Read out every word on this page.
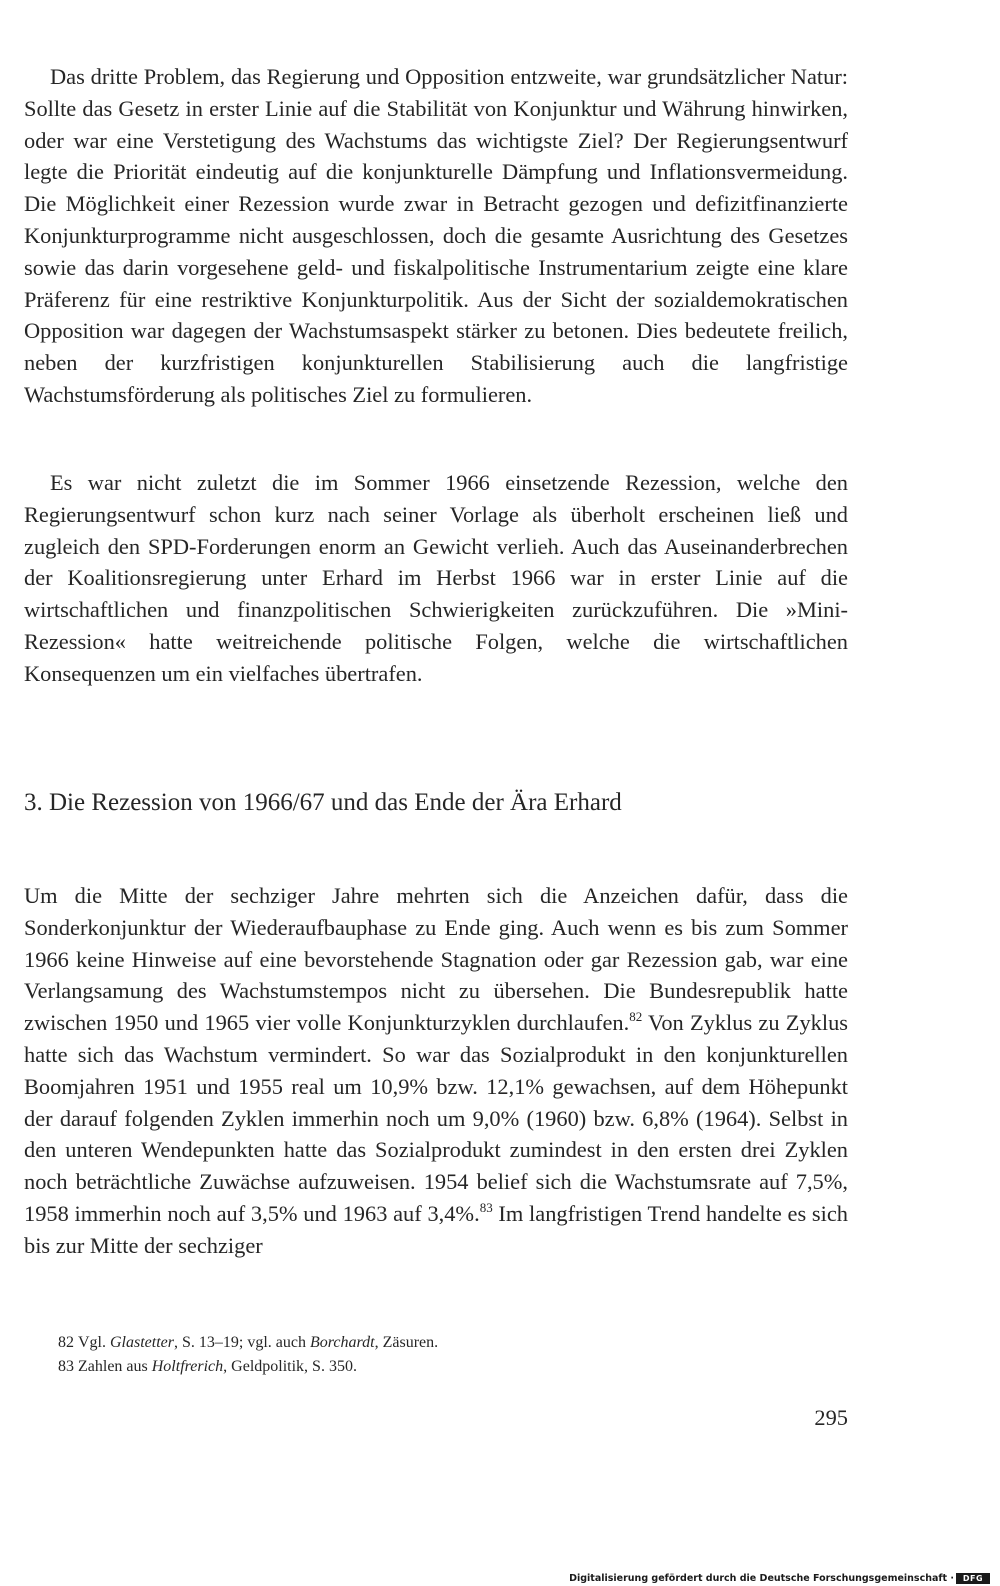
Das dritte Problem, das Regierung und Opposition entzweite, war grundsätzlicher Natur: Sollte das Gesetz in erster Linie auf die Stabilität von Konjunktur und Währung hinwirken, oder war eine Verstetigung des Wachstums das wichtigste Ziel? Der Regierungsentwurf legte die Priorität eindeutig auf die konjunkturelle Dämpfung und Inflationsvermeidung. Die Möglichkeit einer Rezession wurde zwar in Betracht gezogen und defizitfinanzierte Konjunkturprogramme nicht ausgeschlossen, doch die gesamte Ausrichtung des Gesetzes sowie das darin vorgesehene geld- und fiskalpolitische Instrumentarium zeigte eine klare Präferenz für eine restriktive Konjunkturpolitik. Aus der Sicht der sozialdemokratischen Opposition war dagegen der Wachstumsaspekt stärker zu betonen. Dies bedeutete freilich, neben der kurzfristigen konjunkturellen Stabilisierung auch die langfristige Wachstumsförderung als politisches Ziel zu formulieren.

Es war nicht zuletzt die im Sommer 1966 einsetzende Rezession, welche den Regierungsentwurf schon kurz nach seiner Vorlage als überholt erscheinen ließ und zugleich den SPD-Forderungen enorm an Gewicht verlieh. Auch das Auseinanderbrechen der Koalitionsregierung unter Erhard im Herbst 1966 war in erster Linie auf die wirtschaftlichen und finanzpolitischen Schwierigkeiten zurückzuführen. Die »Mini-Rezession« hatte weitreichende politische Folgen, welche die wirtschaftlichen Konsequenzen um ein vielfaches übertrafen.

3. Die Rezession von 1966/67 und das Ende der Ära Erhard

Um die Mitte der sechziger Jahre mehrten sich die Anzeichen dafür, dass die Sonderkonjunktur der Wiederaufbauphase zu Ende ging. Auch wenn es bis zum Sommer 1966 keine Hinweise auf eine bevorstehende Stagnation oder gar Rezession gab, war eine Verlangsamung des Wachstumstempos nicht zu übersehen. Die Bundesrepublik hatte zwischen 1950 und 1965 vier volle Konjunkturzyklen durchlaufen.$^{82}$ Von Zyklus zu Zyklus hatte sich das Wachstum vermindert. So war das Sozialprodukt in den konjunkturellen Boomjahren 1951 und 1955 real um 10,9% bzw. 12,1% gewachsen, auf dem Höhepunkt der darauf folgenden Zyklen immerhin noch um 9,0% (1960) bzw. 6,8% (1964). Selbst in den unteren Wendepunkten hatte das Sozialprodukt zumindest in den ersten drei Zyklen noch beträchtliche Zuwächse aufzuweisen. 1954 belief sich die Wachstumsrate auf 7,5%, 1958 immerhin noch auf 3,5% und 1963 auf 3,4%.$^{83}$ Im langfristigen Trend handelte es sich bis zur Mitte der sechziger

82 Vgl. Glastetter, S. 13–19; vgl. auch Borchardt, Zäsuren.

83 Zahlen aus Holtfrerich, Geldpolitik, S. 350.

295
Digitalisierung gefördert durch die Deutsche Forschungsgemeinschaft ·	DFG
